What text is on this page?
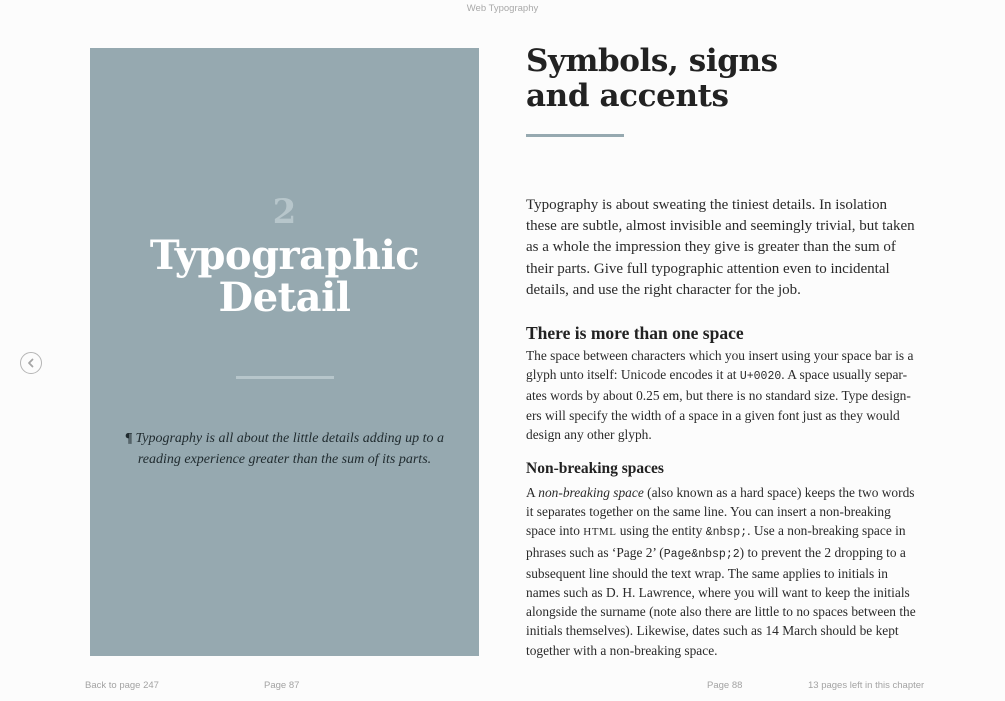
Web Typography
2
Typographic
Detail
¶ Typography is all about the little details adding up to a reading experience greater than the sum of its parts.
Symbols, signs
and accents

Typography is about sweating the tiniest details. In isolation these are subtle, almost invisible and seemingly trivial, but taken as a whole the impression they give is greater than the sum of their parts. Give full typographic attention even to incidental details, and use the right character for the job.

There is more than one space

The space between characters which you insert using your space bar is a glyph unto itself: Unicode encodes it at U+0020. A space usually separ- ates words by about 0.25 em, but there is no standard size. Type design- ers will specify the width of a space in a given font just as they would design any other glyph.

Non-breaking spaces

A non-breaking space (also known as a hard space) keeps the two words it separates together on the same line. You can insert a non-breaking space into HTML using the entity &nbsp;. Use a non-breaking space in phrases such as ‘Page 2’ (Page&nbsp;2) to prevent the 2 dropping to a subsequent line should the text wrap. The same applies to initials in names such as D. H. Lawrence, where you will want to keep the initials alongside the surname (note also there are little to no spaces between the initials themselves). Likewise, dates such as 14 March should be kept together with a non-breaking space.

Back to page 247	Page 87	Page 88	13 pages left in this chapter
